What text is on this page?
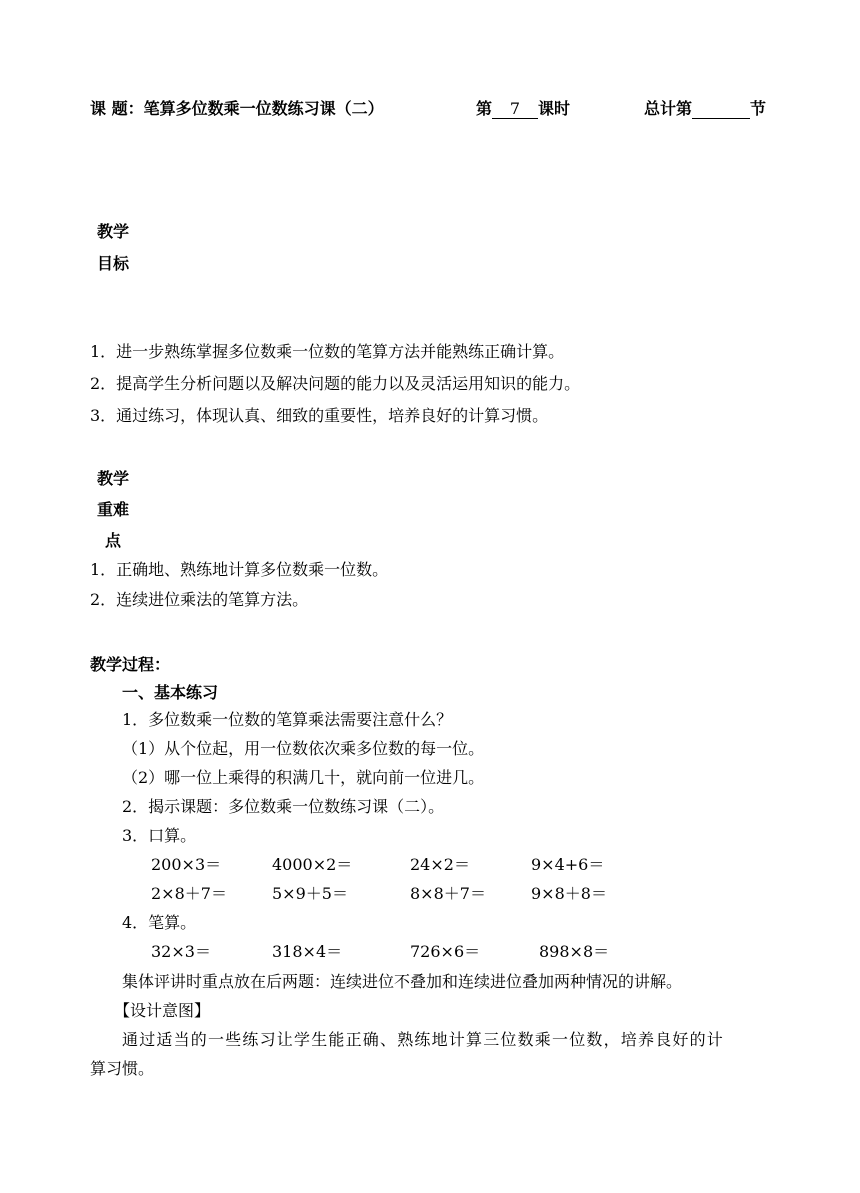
课 题：笔算多位数乘一位数练习课（二）	第 7 课时	总计第	节
教学
目标
1．进一步熟练掌握多位数乘一位数的笔算方法并能熟练正确计算。
2．提高学生分析问题以及解决问题的能力以及灵活运用知识的能力。
3．通过练习，体现认真、细致的重要性，培养良好的计算习惯。
教学
重难
点
1．正确地、熟练地计算多位数乘一位数。
2．连续进位乘法的笔算方法。
教学过程：
一、基本练习
1．多位数乘一位数的笔算乘法需要注意什么？
（1）从个位起，用一位数依次乘多位数的每一位。
（2）哪一位上乘得的积满几十，就向前一位进几。
2．揭示课题：多位数乘一位数练习课（二）。
3．口算。
200×3＝	4000×2＝	24×2＝	9×4+6＝
2×8＋7＝	5×9＋5＝	8×8＋7＝	9×8＋8＝
4．笔算。
32×3＝	318×4＝	726×6＝	898×8＝
集体评讲时重点放在后两题：连续进位不叠加和连续进位叠加两种情况的讲解。
【设计意图】
通过适当的一些练习让学生能正确、熟练地计算三位数乘一位数，培养良好的计
算习惯。
